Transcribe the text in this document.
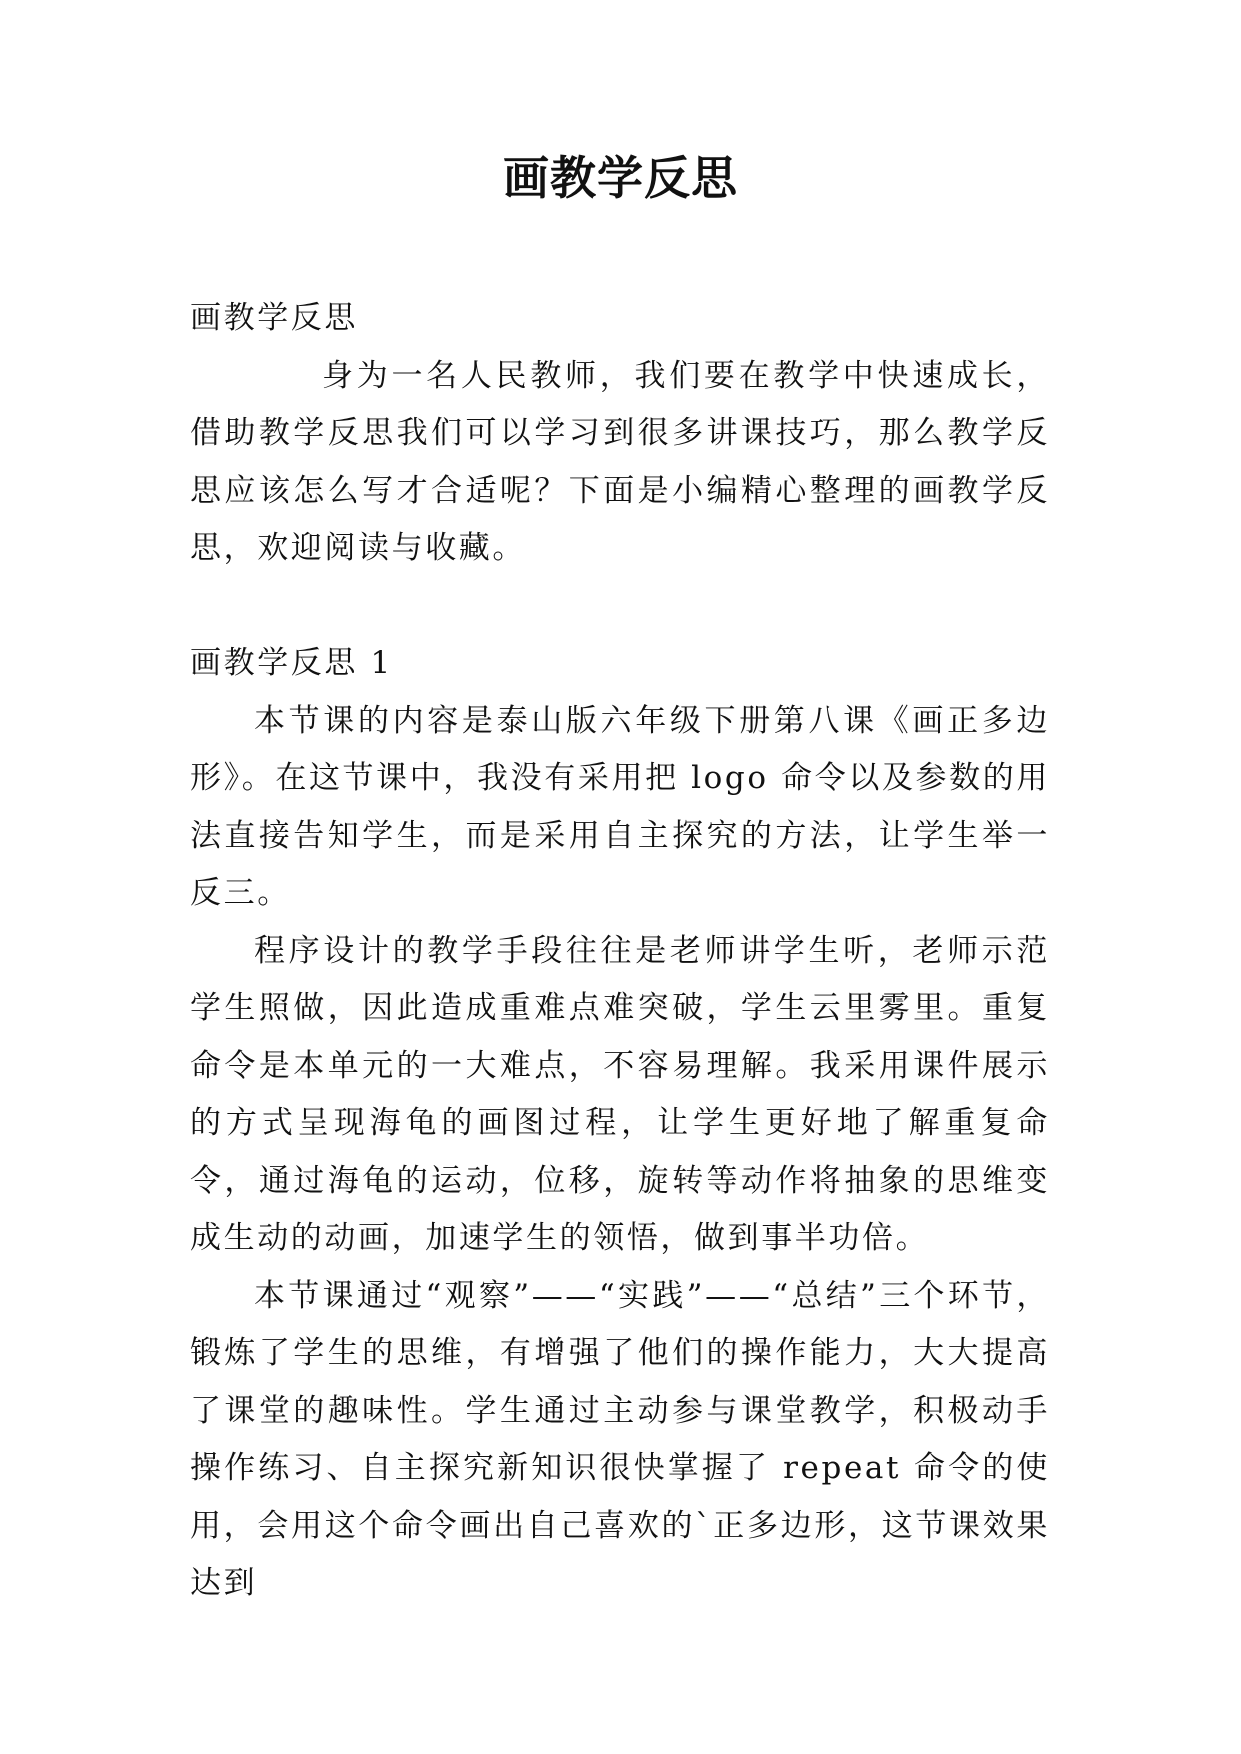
画教学反思

画教学反思

身为一名人民教师，我们要在教学中快速成长，借助教学反思我们可以学习到很多讲课技巧，那么教学反思应该怎么写才合适呢？下面是小编精心整理的画教学反思，欢迎阅读与收藏。

画教学反思 1

本节课的内容是泰山版六年级下册第八课《画正多边形》。在这节课中，我没有采用把 logo 命令以及参数的用法直接告知学生，而是采用自主探究的方法，让学生举一反三。

程序设计的教学手段往往是老师讲学生听，老师示范学生照做，因此造成重难点难突破，学生云里雾里。重复命令是本单元的一大难点，不容易理解。我采用课件展示的方式呈现海龟的画图过程，让学生更好地了解重复命令，通过海龟的运动，位移，旋转等动作将抽象的思维变成生动的动画，加速学生的领悟，做到事半功倍。

本节课通过“观察”——“实践”——“总结”三个环节，锻炼了学生的思维，有增强了他们的操作能力，大大提高了课堂的趣味性。学生通过主动参与课堂教学，积极动手操作练习、自主探究新知识很快掌握了 repeat 命令的使用，会用这个命令画出自己喜欢的`正多边形，这节课效果达到
